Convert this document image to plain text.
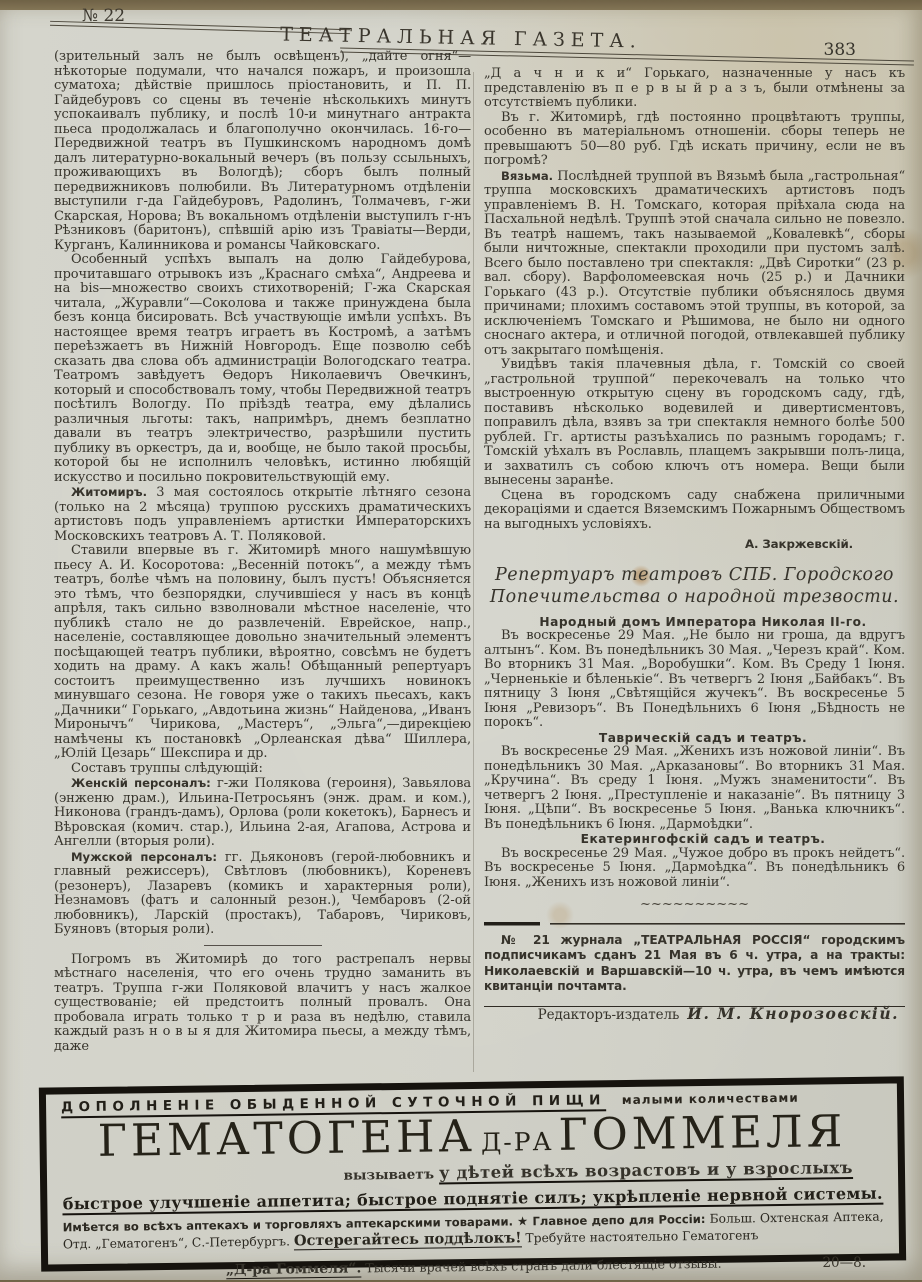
№ 22
ТЕАТРАЛЬНАЯ ГАЗЕТА.	383

(зрительный залъ не былъ освѣщенъ), „дайте огня“—нѣкоторые подумали, что начался пожаръ, и произошла суматоха; дѣйствіе пришлось пріостановить, и П. П. Гайдебуровъ со сцены въ теченіе нѣсколькихъ минутъ успокаивалъ публику, и послѣ 10-и минутнаго антракта пьеса продолжалась и благополучно окончилась. 16-го—Передвижной театръ въ Пушкинскомъ народномъ домѣ далъ литературно-вокальный вечеръ (въ пользу ссыльныхъ, проживающихъ въ Вологдѣ); сборъ былъ полный передвижниковъ полюбили. Въ Литературномъ отдѣленіи выступили г-да Гайдебуровъ, Радолинъ, Толмачевъ, г-жи Скарская, Норова; Въ вокальномъ отдѣленіи выступилъ г-нъ Рѣзниковъ (баритонъ), спѣвшій арію изъ Травіаты—Верди, Курганъ, Калинникова и романсы Чайковскаго.

Особенный успѣхъ выпалъ на долю Гайдебурова, прочитавшаго отрывокъ изъ „Краснаго смѣха“, Андреева и на bis—множество своихъ стихотвореній; Г-жа Скарская читала, „Журавли“—Соколова и также принуждена была безъ конца бисировать. Всѣ участвующіе имѣли успѣхъ. Въ настоящее время театръ играетъ въ Костромѣ, а затѣмъ переѣзжаетъ въ Нижній Новгородъ. Еще позволю себѣ сказать два слова объ администраціи Вологодскаго театра. Театромъ завѣдуетъ Ѳедоръ Николаевичъ Овечкинъ, который и способствовалъ тому, чтобы Передвижной театръ посѣтилъ Вологду. По пріѣздѣ театра, ему дѣлались различныя льготы: такъ, напримѣръ, днемъ безплатно давали въ театръ электричество, разрѣшили пустить публику въ оркестръ, да и, вообще, не было такой просьбы, которой бы не исполнилъ человѣкъ, истинно любящій искусство и посильно покровительствующій ему.

Житомиръ. 3 мая состоялось открытіе лѣтняго сезона (только на 2 мѣсяца) труппою русскихъ драматическихъ артистовъ подъ управленіемъ артистки Императорскихъ Московскихъ театровъ А. Т. Поляковой.

Ставили впервые въ г. Житомирѣ много нашумѣвшую пьесу А. И. Косоротова: „Весенній потокъ“, а между тѣмъ театръ, болѣе чѣмъ на половину, былъ пустъ! Объясняется это тѣмъ, что безпорядки, случившіеся у насъ въ концѣ апрѣля, такъ сильно взволновали мѣстное населеніе, что публикѣ стало не до развлеченій. Еврейское, напр., населеніе, составляющее довольно значительный элементъ посѣщающей театръ публики, вѣроятно, совсѣмъ не будетъ ходить на драму. А какъ жаль! Обѣщанный репертуаръ состоитъ преимущественно изъ лучшихъ новинокъ минувшаго сезона. Не говоря уже о такихъ пьесахъ, какъ „Дачники“ Горькаго, „Авдотьина жизнь“ Найденова, „Иванъ Миронычъ“ Чирикова, „Мастеръ“, „Эльга“,—дирекціею намѣчены къ постановкѣ „Орлеанская дѣва“ Шиллера, „Юлій Цезарь“ Шекспира и др.

Составъ труппы слѣдующій:

Женскій персоналъ: г-жи Полякова (героиня), Завьялова (энженю драм.), Ильина-Петросьянъ (энж. драм. и ком.), Никонова (грандъ-дамъ), Орлова (роли кокетокъ), Барнесъ и Вѣровская (комич. стар.), Ильина 2-ая, Агапова, Астрова и Ангелли (вторыя роли).

Мужской персоналъ: гг. Дьяконовъ (герой-любовникъ и главный режиссеръ), Свѣтловъ (любовникъ), Кореневъ (резонеръ), Лазаревъ (комикъ и характерныя роли), Незнамовъ (фатъ и салонный резон.), Чембаровъ (2-ой любовникъ), Ларскій (простакъ), Табаровъ, Чириковъ, Буяновъ (вторыя роли).

Погромъ въ Житомирѣ до того растрепалъ нервы мѣстнаго населенія, что его очень трудно заманить въ театръ. Труппа г-жи Поляковой влачитъ у насъ жалкое существованіе; ей предстоитъ полный провалъ. Она пробовала играть только т р и раза въ недѣлю, ставила каждый разъ н о в ы я для Житомира пьесы, а между тѣмъ, даже

„Д а ч н и к и“ Горькаго, назначенные у насъ къ представленію въ п е р в ы й р а з ъ, были отмѣнены за отсутствіемъ публики.

Въ г. Житомирѣ, гдѣ постоянно процвѣтаютъ труппы, особенно въ матеріальномъ отношеніи. сборы теперь не превышаютъ 50—80 руб. Гдѣ искать причину, если не въ погромѣ?

Вязьма. Послѣдней труппой въ Вязьмѣ была „гастрольная“ труппа московскихъ драматическихъ артистовъ подъ управленіемъ В. Н. Томскаго, которая пріѣхала сюда на Пасхальной недѣлѣ. Труппѣ этой сначала сильно не повезло. Въ театрѣ нашемъ, такъ называемой „Ковалевкѣ“, сборы были ничтожные, спектакли проходили при пустомъ залѣ. Всего было поставлено три спектакля: „Двѣ Сиротки“ (23 р. вал. сбору). Варфоломеевская ночь (25 р.) и Дачники Горькаго (43 р.). Отсутствіе публики объяснялось двумя причинами; плохимъ составомъ этой труппы, въ которой, за исключеніемъ Томскаго и Рѣшимова, не было ни одного сноснаго актера, и отличной погодой, отвлекавшей публику отъ закрытаго помѣщенія.

Увидѣвъ такія плачевныя дѣла, г. Томскій со своей „гастрольной труппой“ перекочевалъ на только что выстроенную открытую сцену въ городскомъ саду, гдѣ, поставивъ нѣсколько водевилей и дивертисментовъ, поправилъ дѣла, взявъ за три спектакля немного болѣе 500 рублей. Гг. артисты разъѣхались по разнымъ городамъ; г. Томскій уѣхалъ въ Рославль, плащемъ закрывши полъ-лица, и захватилъ съ собою ключъ отъ номера. Вещи были вынесены заранѣе.

Сцена въ городскомъ саду снабжена приличными декораціями и сдается Вяземскимъ Пожарнымъ Обществомъ на выгодныхъ условіяхъ.

А. Закржевскій.
Репертуаръ театровъ СПБ. Городского Попечительства о народной трезвости.

Народный домъ Императора Николая II-го.

Въ воскресенье 29 Мая. „Не было ни гроша, да вдругъ алтынъ“. Ком. Въ понедѣльникъ 30 Мая. „Черезъ край“. Ком. Во вторникъ 31 Мая. „Воробушки“. Ком. Въ Среду 1 Іюня. „Черненькіе и бѣленькіе“. Въ четвергъ 2 Іюня „Байбакъ“. Въ пятницу 3 Іюня „Свѣтящійся жучекъ“. Въ воскресенье 5 Іюня „Ревизоръ“. Въ Понедѣльнихъ 6 Іюня „Бѣдность не порокъ“.

Таврическій садъ и театръ.

Въ воскресенье 29 Мая. „Женихъ изъ ножовой линіи“. Въ понедѣльникъ 30 Мая. „Арказановы“. Во вторникъ 31 Мая. „Кручина“. Въ среду 1 Іюня. „Мужъ знаменитости“. Въ четвергъ 2 Іюня. „Преступленіе и наказаніе“. Въ пятницу 3 Іюня. „Цѣпи“. Въ воскресенье 5 Іюня. „Ванька ключникъ“. Въ понедѣльникъ 6 Іюня. „Дармоѣдки“.

Екатерингофскій садъ и театръ.

Въ воскресенье 29 Мая. „Чужое добро въ прокъ нейдетъ“. Въ воскресенье 5 Іюня. „Дармоѣдка“. Въ понедѣльникъ 6 Іюня. „Женихъ изъ ножовой линіи“.

~~~~~~~~~~

№ 21 журнала „ТЕАТРАЛЬНАЯ РОССІЯ“ городскимъ подписчикамъ сданъ 21 Мая въ 6 ч. утра, а на тракты: Николаевскій и Варшавскій—10 ч. утра, въ чемъ имѣются квитанціи почтамта.

Редакторъ-издатель И. М. Кнорозовскій.

ДОПОЛНЕНІЕ ОБЫДЕННОЙ СУТОЧНОЙ ПИЩИ малыми количествами
ГЕМАТОГЕНА Д-РА ГОММЕЛЯ
вызываетъ у дѣтей всѣхъ возрастовъ и у взрослыхъ
быстрое улучшеніе аппетита; быстрое поднятіе силъ; укрѣпленіе нервной системы.

Имѣется во всѣхъ аптекахъ и торговляхъ аптекарскими товарами. ★ Главное депо для Россіи: Больш. Охтенская Аптека, Отд. „Гематогенъ“, С.-Петербургъ. Остерегайтесь поддѣлокъ! Требуйте настоятельно Гематогенъ

„Д-ра Гоммеля“. Тысячи врачей всѣхъ странъ дали блестящіе отзывы.	20—8.
